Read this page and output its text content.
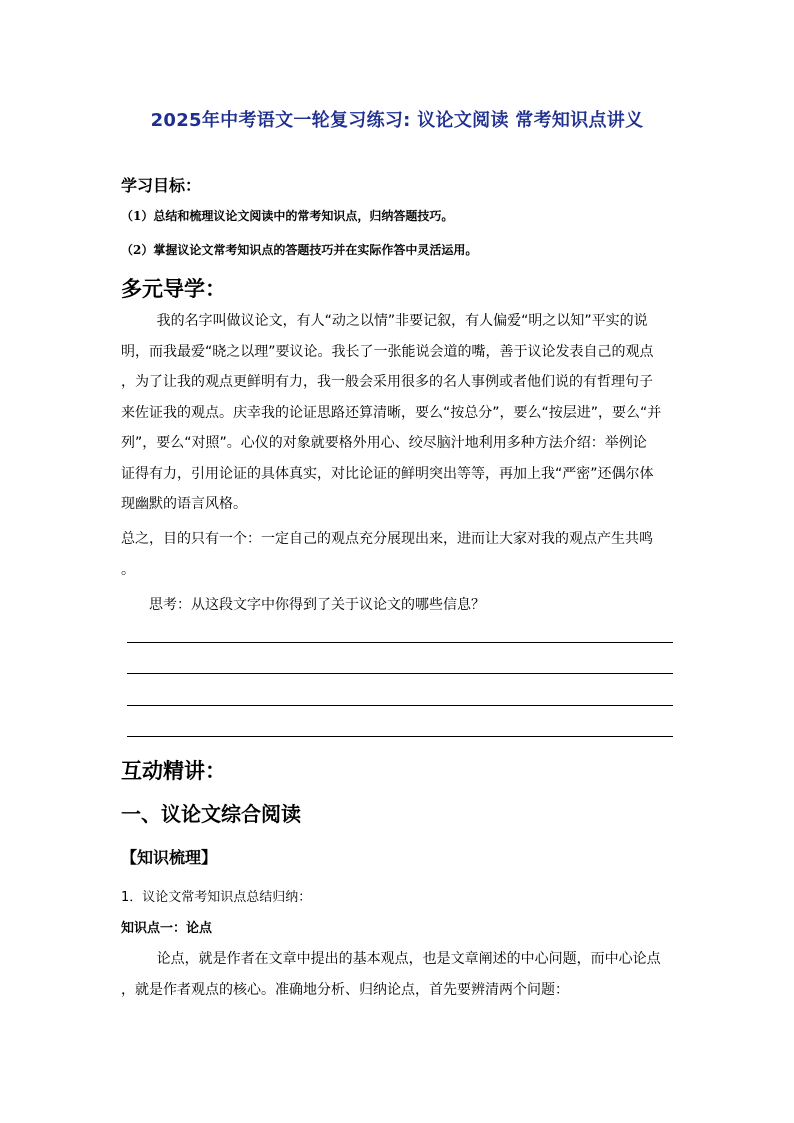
2025年中考语文一轮复习练习: 议论文阅读 常考知识点讲义
学习目标：
（1）总结和梳理议论文阅读中的常考知识点，归纳答题技巧。
（2）掌握议论文常考知识点的答题技巧并在实际作答中灵活运用。
多元导学：
我的名字叫做议论文，有人“动之以情”非要记叙，有人偏爱“明之以知”平实的说
明，而我最爱“晓之以理”要议论。我长了一张能说会道的嘴，善于议论发表自己的观点
，为了让我的观点更鲜明有力，我一般会采用很多的名人事例或者他们说的有哲理句子
来佐证我的观点。庆幸我的论证思路还算清晰，要么“按总分”，要么“按层进”，要么“并
列”，要么“对照”。心仪的对象就要格外用心、绞尽脑汁地利用多种方法介绍：举例论
证得有力，引用论证的具体真实，对比论证的鲜明突出等等，再加上我“严密”还偶尔体
现幽默的语言风格。
总之，目的只有一个：一定自己的观点充分展现出来，进而让大家对我的观点产生共鸣
。
思考：从这段文字中你得到了关于议论文的哪些信息？
互动精讲：
一、议论文综合阅读
【知识梳理】
1．议论文常考知识点总结归纳：
知识点一：论点
论点，就是作者在文章中提出的基本观点，也是文章阐述的中心问题，而中心论点
，就是作者观点的核心。准确地分析、归纳论点，首先要辨清两个问题：
